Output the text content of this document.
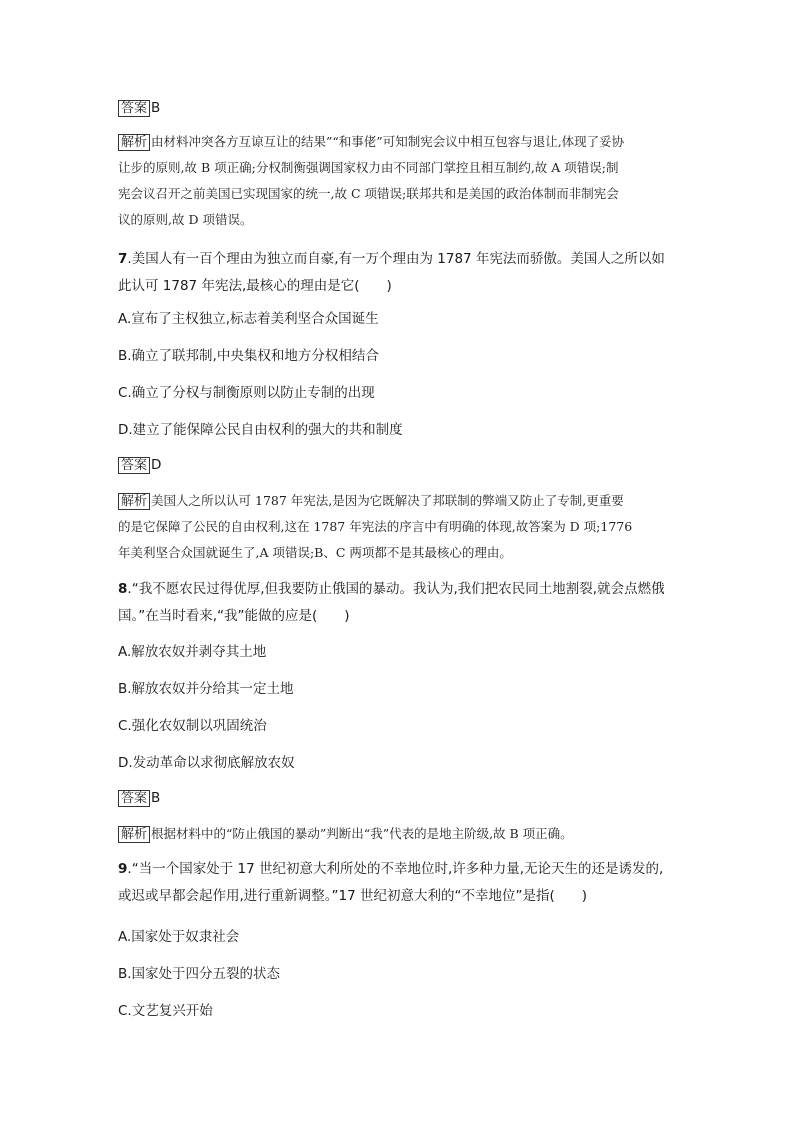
答案 B
解析 由材料冲突各方互谅互让的结果”“和事佬”可知制宪会议中相互包容与退让,体现了妥协
让步的原则,故 B 项正确;分权制衡强调国家权力由不同部门掌控且相互制约,故 A 项错误;制
宪会议召开之前美国已实现国家的统一,故 C 项错误;联邦共和是美国的政治体制而非制宪会
议的原则,故 D 项错误。
7.美国人有一百个理由为独立而自豪,有一万个理由为 1787 年宪法而骄傲。美国人之所以如
此认可 1787 年宪法,最核心的理由是它(　　)
A.宣布了主权独立,标志着美利坚合众国诞生
B.确立了联邦制,中央集权和地方分权相结合
C.确立了分权与制衡原则以防止专制的出现
D.建立了能保障公民自由权利的强大的共和制度
答案 D
解析 美国人之所以认可 1787 年宪法,是因为它既解决了邦联制的弊端又防止了专制,更重要
的是它保障了公民的自由权利,这在 1787 年宪法的序言中有明确的体现,故答案为 D 项;1776
年美利坚合众国就诞生了,A 项错误;B、C 两项都不是其最核心的理由。
8.“我不愿农民过得优厚,但我要防止俄国的暴动。我认为,我们把农民同土地割裂,就会点燃俄
国。”在当时看来,“我”能做的应是(　　)
A.解放农奴并剥夺其土地
B.解放农奴并分给其一定土地
C.强化农奴制以巩固统治
D.发动革命以求彻底解放农奴
答案 B
解析 根据材料中的“防止俄国的暴动”判断出“我”代表的是地主阶级,故 B 项正确。
9.“当一个国家处于 17 世纪初意大利所处的不幸地位时,许多种力量,无论天生的还是诱发的,
或迟或早都会起作用,进行重新调整。”17 世纪初意大利的“不幸地位”是指(　　)
A.国家处于奴隶社会
B.国家处于四分五裂的状态
C.文艺复兴开始
